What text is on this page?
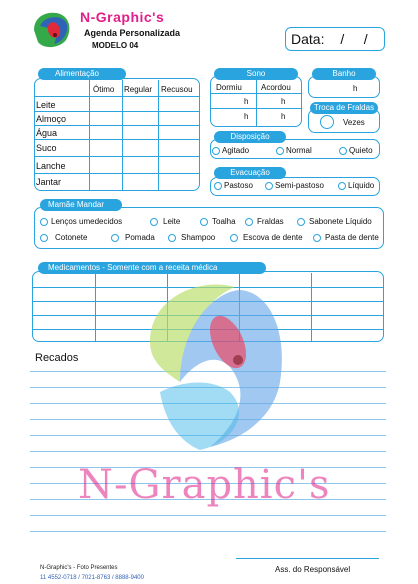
N-Graphic's
Agenda Personalizada
MODELO 04	Data: /     /
Alimentação
Ótimo Regular Recusou
Leite
Almoço
Água
Suco
Lanche
Jantar
Sono
Dormiu Acordou
h	h
h	h
Banho
h
Troca de Fraldas
Vezes
Disposição
Agitado	Normal	Quieto
Evacuação
Pastoso	Semi-pastoso	Líquido
Mamãe Mandar
Lenços umedecidos	Leite	Toalha	Fraldas	Sabonete Líquido
Cotonete	Pomada	Shampoo	Escova de dente	Pasta de dente
Medicamentos - Somente com a receita médica
Recados
N-Graphic's
Ass. do Responsável
N-Graphic's - Foto Presentes
11 4552-0718 / 7021-8763 / 8888-9400
